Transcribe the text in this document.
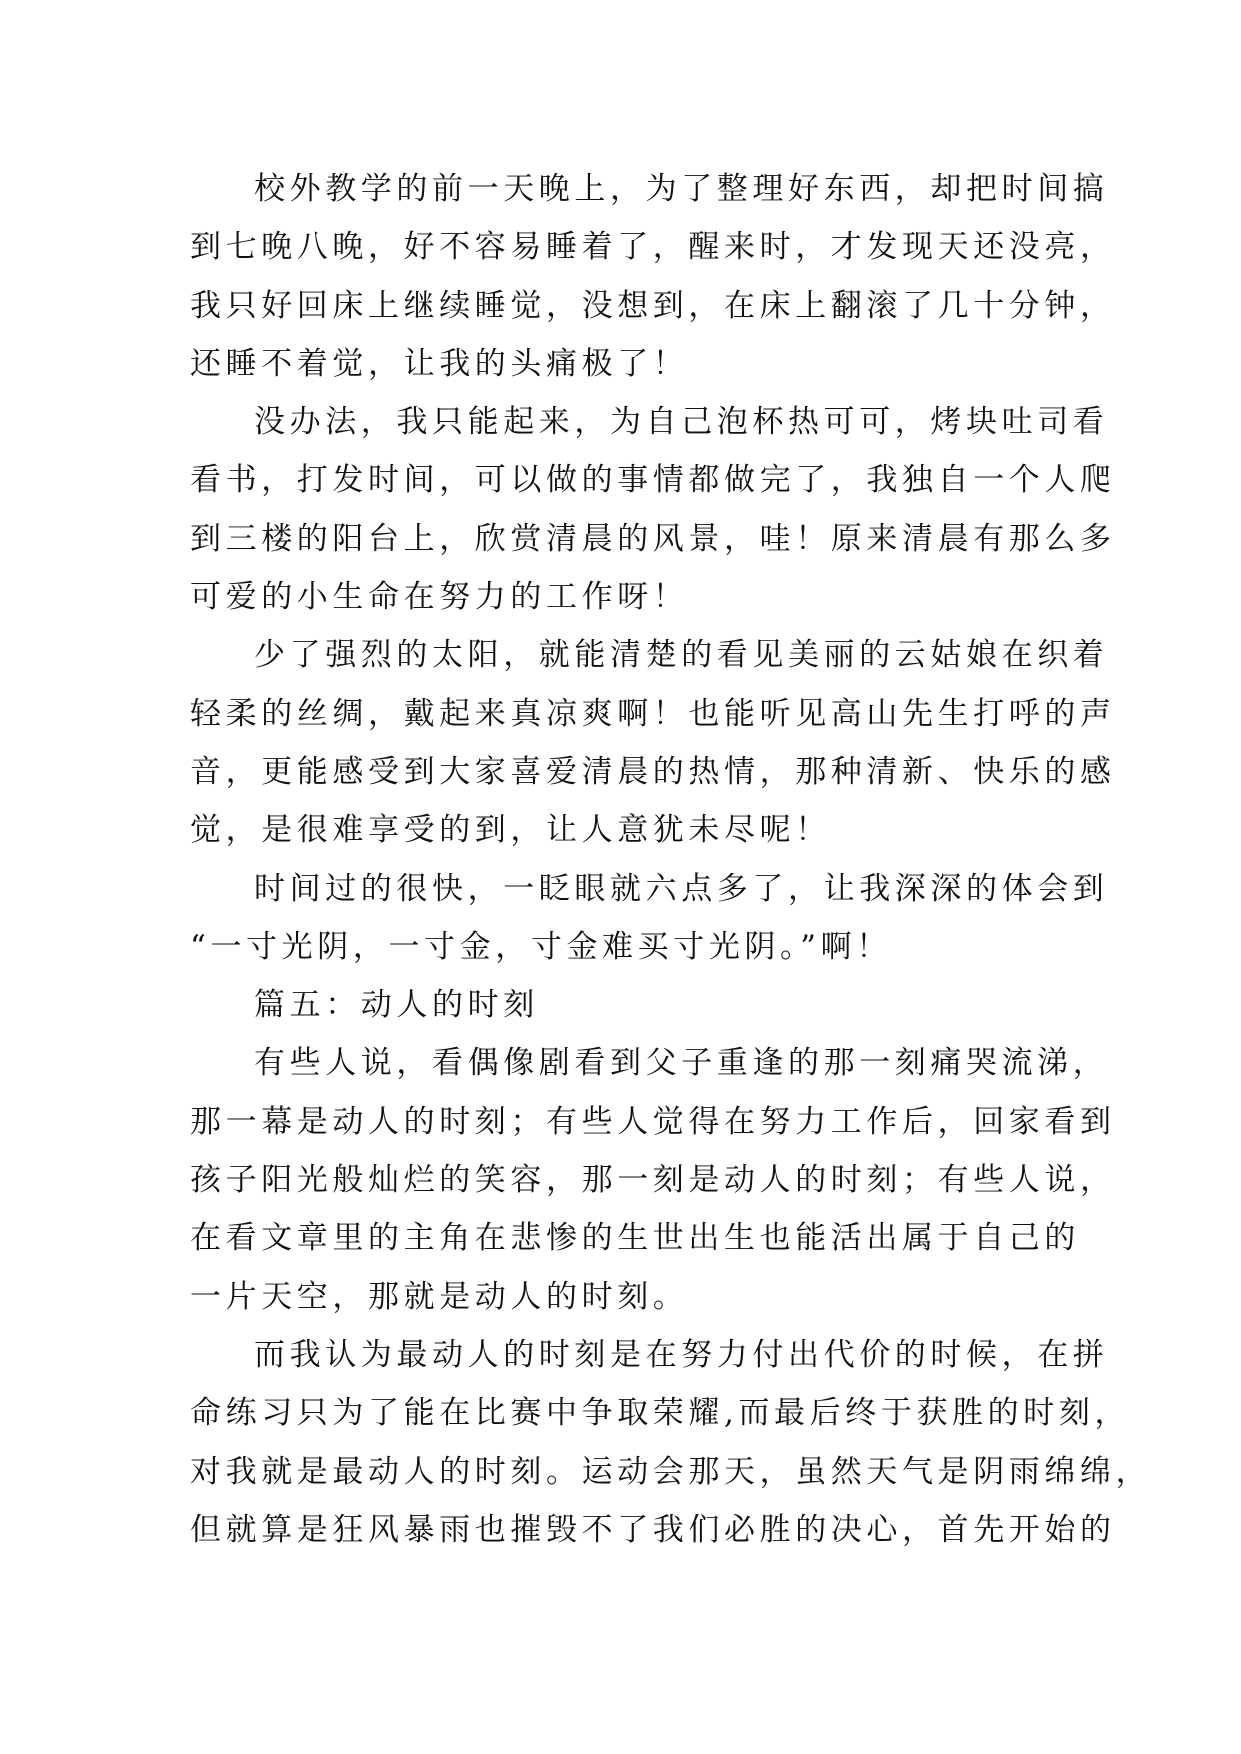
校外教学的前一天晚上，为了整理好东西，却把时间搞
到七晚八晚，好不容易睡着了，醒来时，才发现天还没亮，
我只好回床上继续睡觉，没想到，在床上翻滚了几十分钟，
还睡不着觉，让我的头痛极了！
没办法，我只能起来，为自己泡杯热可可，烤块吐司看
看书，打发时间，可以做的事情都做完了，我独自一个人爬
到三楼的阳台上，欣赏清晨的风景，哇！原来清晨有那么多
可爱的小生命在努力的工作呀！
少了强烈的太阳，就能清楚的看见美丽的云姑娘在织着
轻柔的丝绸，戴起来真凉爽啊！也能听见高山先生打呼的声
音，更能感受到大家喜爱清晨的热情，那种清新、快乐的感
觉，是很难享受的到，让人意犹未尽呢！
时间过的很快，一眨眼就六点多了，让我深深的体会到
“一寸光阴，一寸金，寸金难买寸光阴。”啊！
篇五：动人的时刻
有些人说，看偶像剧看到父子重逢的那一刻痛哭流涕，
那一幕是动人的时刻；有些人觉得在努力工作后，回家看到
孩子阳光般灿烂的笑容，那一刻是动人的时刻；有些人说，
在看文章里的主角在悲惨的生世出生也能活出属于自己的
一片天空，那就是动人的时刻。
而我认为最动人的时刻是在努力付出代价的时候，在拼
命练习只为了能在比赛中争取荣耀,而最后终于获胜的时刻，
对我就是最动人的时刻。运动会那天，虽然天气是阴雨绵绵，
但就算是狂风暴雨也摧毁不了我们必胜的决心，首先开始的
